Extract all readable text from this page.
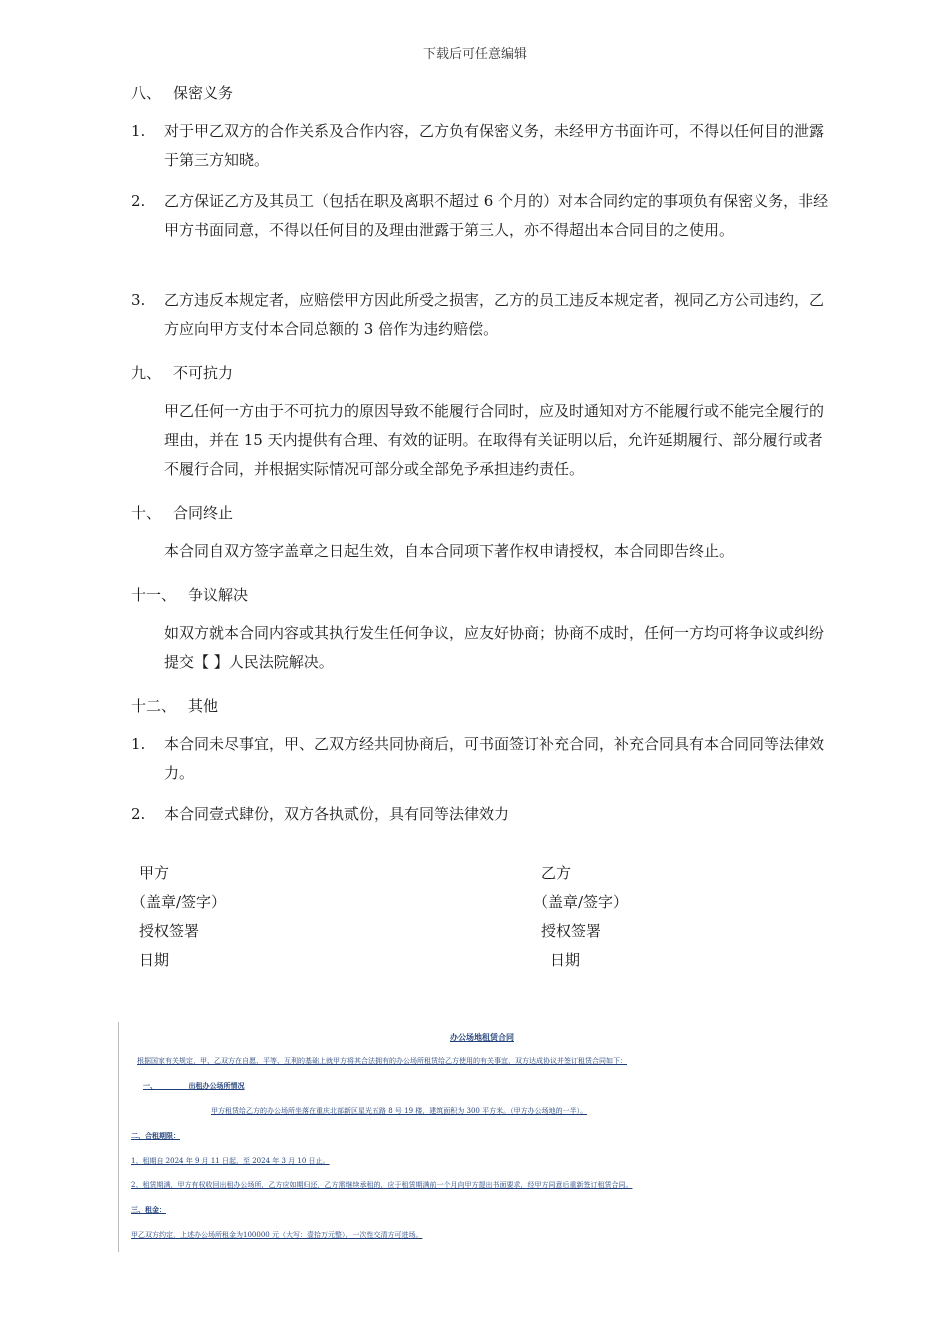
下载后可任意编辑
八、 保密义务
1. 对于甲乙双方的合作关系及合作内容，乙方负有保密义务，未经甲方书面许可，不得以任何目的泄露于第三方知晓。
2. 乙方保证乙方及其员工（包括在职及离职不超过 6 个月的）对本合同约定的事项负有保密义务，非经甲方书面同意，不得以任何目的及理由泄露于第三人，亦不得超出本合同目的之使用。
3. 乙方违反本规定者，应赔偿甲方因此所受之损害，乙方的员工违反本规定者，视同乙方公司违约，乙方应向甲方支付本合同总额的 3 倍作为违约赔偿。
九、 不可抗力
甲乙任何一方由于不可抗力的原因导致不能履行合同时，应及时通知对方不能履行或不能完全履行的理由，并在 15 天内提供有合理、有效的证明。在取得有关证明以后，允许延期履行、部分履行或者不履行合同，并根据实际情况可部分或全部免予承担违约责任。
十、 合同终止
本合同自双方签字盖章之日起生效，自本合同项下著作权申请授权，本合同即告终止。
十一、 争议解决
如双方就本合同内容或其执行发生任何争议，应友好协商；协商不成时，任何一方均可将争议或纠纷提交【 】人民法院解决。
十二、 其他
1. 本合同未尽事宜，甲、乙双方经共同协商后，可书面签订补充合同，补充合同具有本合同同等法律效力。
2. 本合同壹式肆份，双方各执贰份，具有同等法律效力
甲方	乙方
（盖章/签字）	（盖章/签字）
授权签署	授权签署
日期	日期
办公场地租赁合同
根据国家有关规定，甲、乙双方在自愿、平等、互利的基础上就甲方将其合法拥有的办公场所租赁给乙方使用的有关事宜，双方达成协议并签订租赁合同如下：
一、　　　　　出租办公场所情况
甲方租赁给乙方的办公场所坐落在重庆北部新区星光五路 8 号 19 楼，建筑面积为 300 平方米。（甲方办公场地的一半）。
二、合租期限：
1、租期自 2024 年 9 月 11 日起，至 2024 年 3 月 10 日止。
2、租赁期满，甲方有权收回出租办公场所，乙方应如期归还，乙方需继续承租的，应于租赁期满前一个月向甲方提出书面要求，经甲方同意后重新签订租赁合同。
三、租金：
甲乙双方约定，上述办公场所租金为100000 元（大写：壹拾万元整），一次性交清方可进场。
